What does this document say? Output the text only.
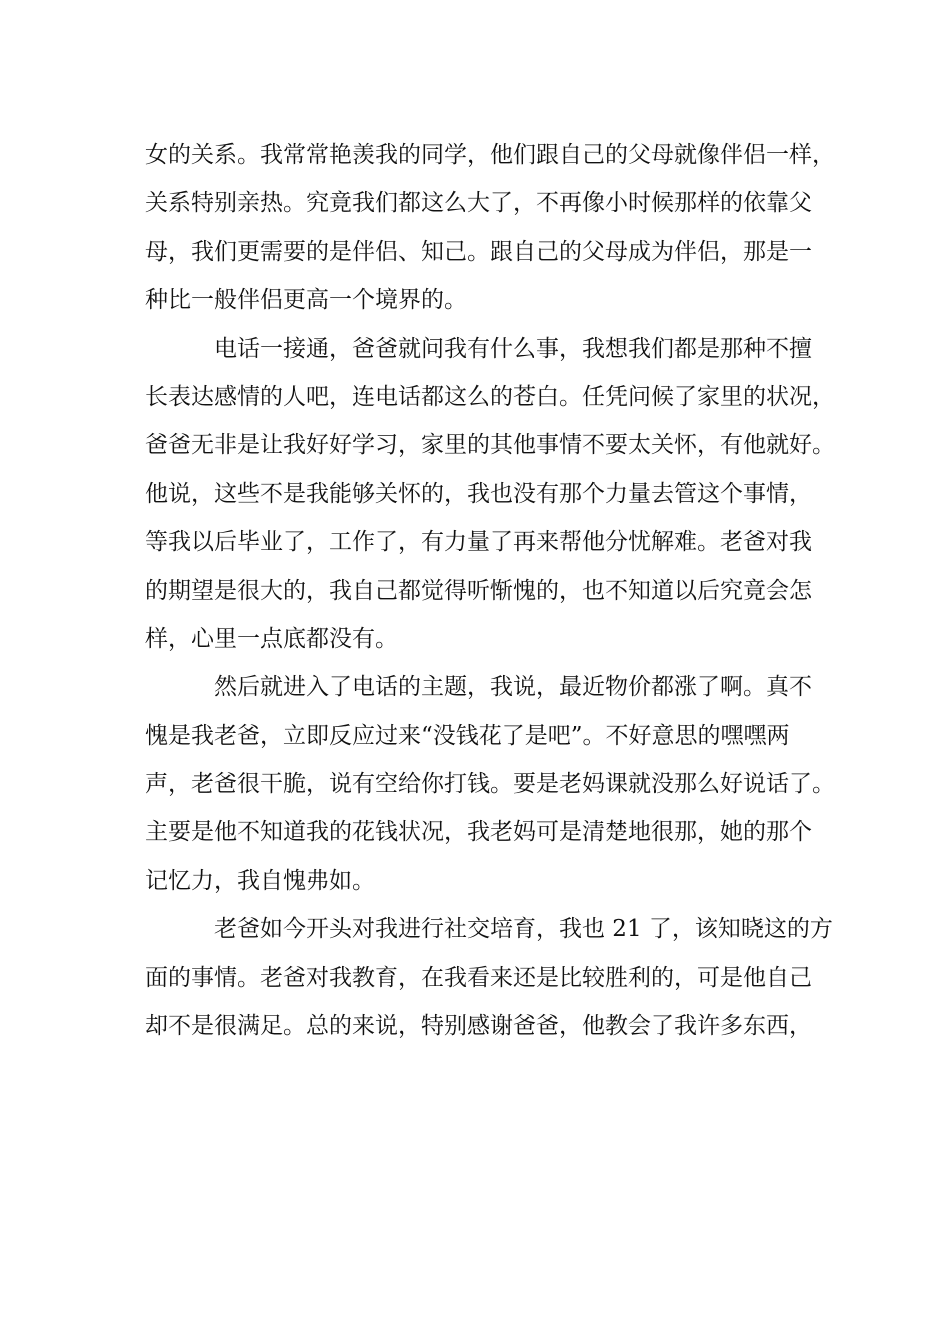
女的关系。我常常艳羡我的同学，他们跟自己的父母就像伴侣一样，
关系特别亲热。究竟我们都这么大了，不再像小时候那样的依靠父
母，我们更需要的是伴侣、知己。跟自己的父母成为伴侣，那是一
种比一般伴侣更高一个境界的。
电话一接通，爸爸就问我有什么事，我想我们都是那种不擅
长表达感情的人吧，连电话都这么的苍白。任凭问候了家里的状况，
爸爸无非是让我好好学习，家里的其他事情不要太关怀，有他就好。
他说，这些不是我能够关怀的，我也没有那个力量去管这个事情，
等我以后毕业了，工作了，有力量了再来帮他分忧解难。老爸对我
的期望是很大的，我自己都觉得听惭愧的，也不知道以后究竟会怎
样，心里一点底都没有。
然后就进入了电话的主题，我说，最近物价都涨了啊。真不
愧是我老爸，立即反应过来“没钱花了是吧”。不好意思的嘿嘿两
声，老爸很干脆，说有空给你打钱。要是老妈课就没那么好说话了。
主要是他不知道我的花钱状况，我老妈可是清楚地很那，她的那个
记忆力，我自愧弗如。
老爸如今开头对我进行社交培育，我也 21 了，该知晓这的方
面的事情。老爸对我教育，在我看来还是比较胜利的，可是他自己
却不是很满足。总的来说，特别感谢爸爸，他教会了我许多东西，
